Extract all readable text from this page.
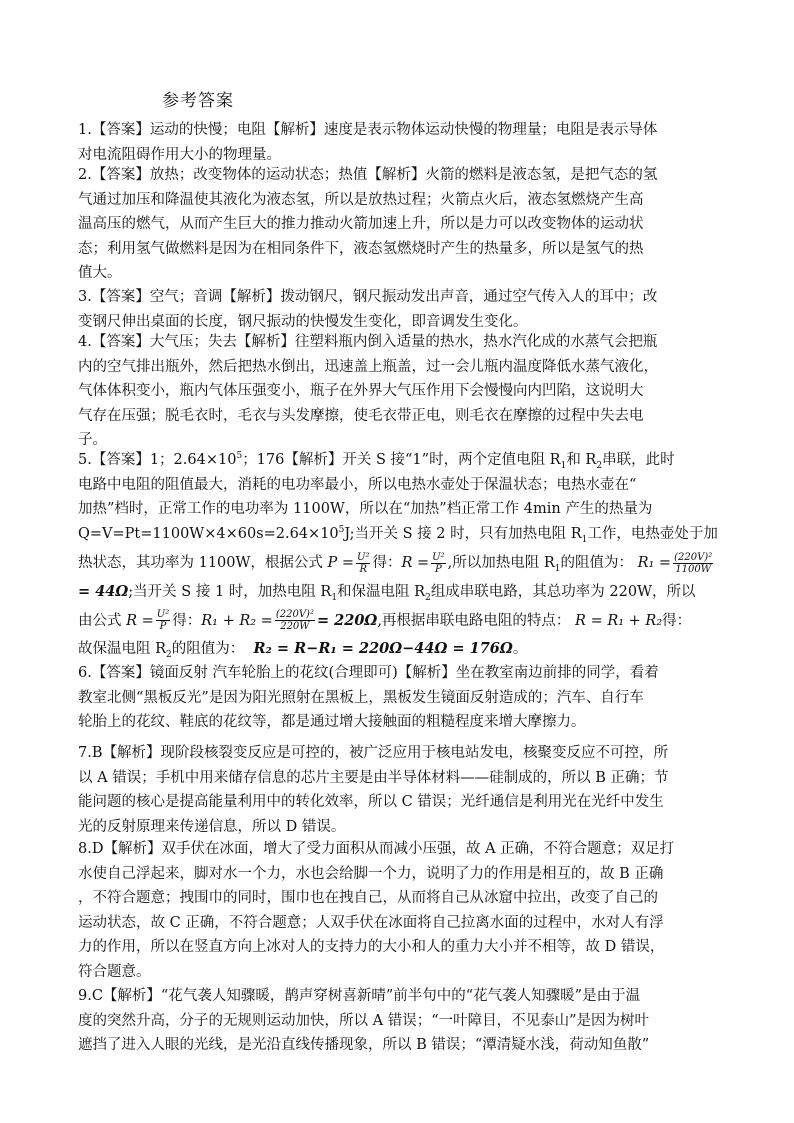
参考答案

1.【答案】运动的快慢；电阻【解析】速度是表示物体运动快慢的物理量；电阻是表示导体

对电流阻碍作用大小的物理量。

2.【答案】放热；改变物体的运动状态；热值【解析】火箭的燃料是液态氢，是把气态的氢

气通过加压和降温使其液化为液态氢，所以是放热过程；火箭点火后，液态氢燃烧产生高

温高压的燃气，从而产生巨大的推力推动火箭加速上升，所以是力可以改变物体的运动状

态；利用氢气做燃料是因为在相同条件下，液态氢燃烧时产生的热量多，所以是氢气的热

值大。

3.【答案】空气；音调【解析】拨动钢尺，钢尺振动发出声音，通过空气传入人的耳中；改

变钢尺伸出桌面的长度，钢尺振动的快慢发生变化，即音调发生变化。

4.【答案】大气压；失去【解析】往塑料瓶内倒入适量的热水，热水汽化成的水蒸气会把瓶

内的空气排出瓶外，然后把热水倒出，迅速盖上瓶盖，过一会儿瓶内温度降低水蒸气液化，

气体体积变小，瓶内气体压强变小，瓶子在外界大气压作用下会慢慢向内凹陷，这说明大

气存在压强；脱毛衣时，毛衣与头发摩擦，使毛衣带正电，则毛衣在摩擦的过程中失去电

子。

5.【答案】1；$2.64\times 10^5$；176【解析】开关 S 接“1”时，两个定值电阻 $R_1$和 $R_2$串联，此时

电路中电阻的阻值最大，消耗的电功率最小，所以电热水壶处于保温状态；电热水壶在“

加热”档时，正常工作的电功率为 1100W，所以在“加热”档正常工作 4min 产生的热量为

$Q=V=Pt=1100W\times 4\times 60s=2.64\times 10^5J$;当开关 S 接 2 时，只有加热电阻 $R_1$工作，电热壶处于加

热状态，其功率为 1100W，根据公式 $P = \frac{\text{U²}}{R}$ 得：$R = \frac{\text{U²}}{P}$ ,所以加热电阻 $R_1$的阻值为： $R_1 = \frac{\text{(220V)²}}{1100W}$

= 44Ω;当开关 S 接 1 时，加热电阻 $R_1$和保温电阻 $R_2$组成串联电路，其总功率为 220W，所以

由公式 $R = \frac{\text{U²}}{P}$ 得：$R_1 + R_2 = \frac{\text{(220V)²}}{220W} = 220\Omega$,再根据串联电路电阻的特点： R = R₁ + R₂得：

故保温电阻 $R_2$的阻值为： R₂ = R−R₁ = 220Ω−44Ω = 176Ω。

6.【答案】镜面反射 汽车轮胎上的花纹(合理即可)【解析】坐在教室南边前排的同学，看着

教室北侧“黑板反光”是因为阳光照射在黑板上，黑板发生镜面反射造成的；汽车、自行车

轮胎上的花纹、鞋底的花纹等，都是通过增大接触面的粗糙程度来增大摩擦力。

7.B【解析】现阶段核裂变反应是可控的，被广泛应用于核电站发电，核聚变反应不可控，所

以 A 错误；手机中用来储存信息的芯片主要是由半导体材料——硅制成的，所以 B 正确；节

能问题的核心是提高能量利用中的转化效率，所以 C 错误；光纤通信是利用光在光纤中发生

光的反射原理来传递信息，所以 D 错误。

8.D【解析】双手伏在冰面，增大了受力面积从而减小压强，故 A 正确，不符合题意；双足打

水使自己浮起来，脚对水一个力，水也会给脚一个力，说明了力的作用是相互的，故 B 正确

，不符合题意；拽围巾的同时，围巾也在拽自己，从而将自己从冰窟中拉出，改变了自己的

运动状态，故 C 正确，不符合题意；人双手伏在冰面将自己拉离水面的过程中，水对人有浮

力的作用，所以在竖直方向上冰对人的支持力的大小和人的重力大小并不相等，故 D 错误，

符合题意。

9.C【解析】“花气袭人知骤暖，鹊声穿树喜新晴”前半句中的“花气袭人知骤暖”是由于温

度的突然升高，分子的无规则运动加快，所以 A 错误；“一叶障目，不见泰山”是因为树叶

遮挡了进入人眼的光线，是光沿直线传播现象，所以 B 错误；“潭清疑水浅，荷动知鱼散”
